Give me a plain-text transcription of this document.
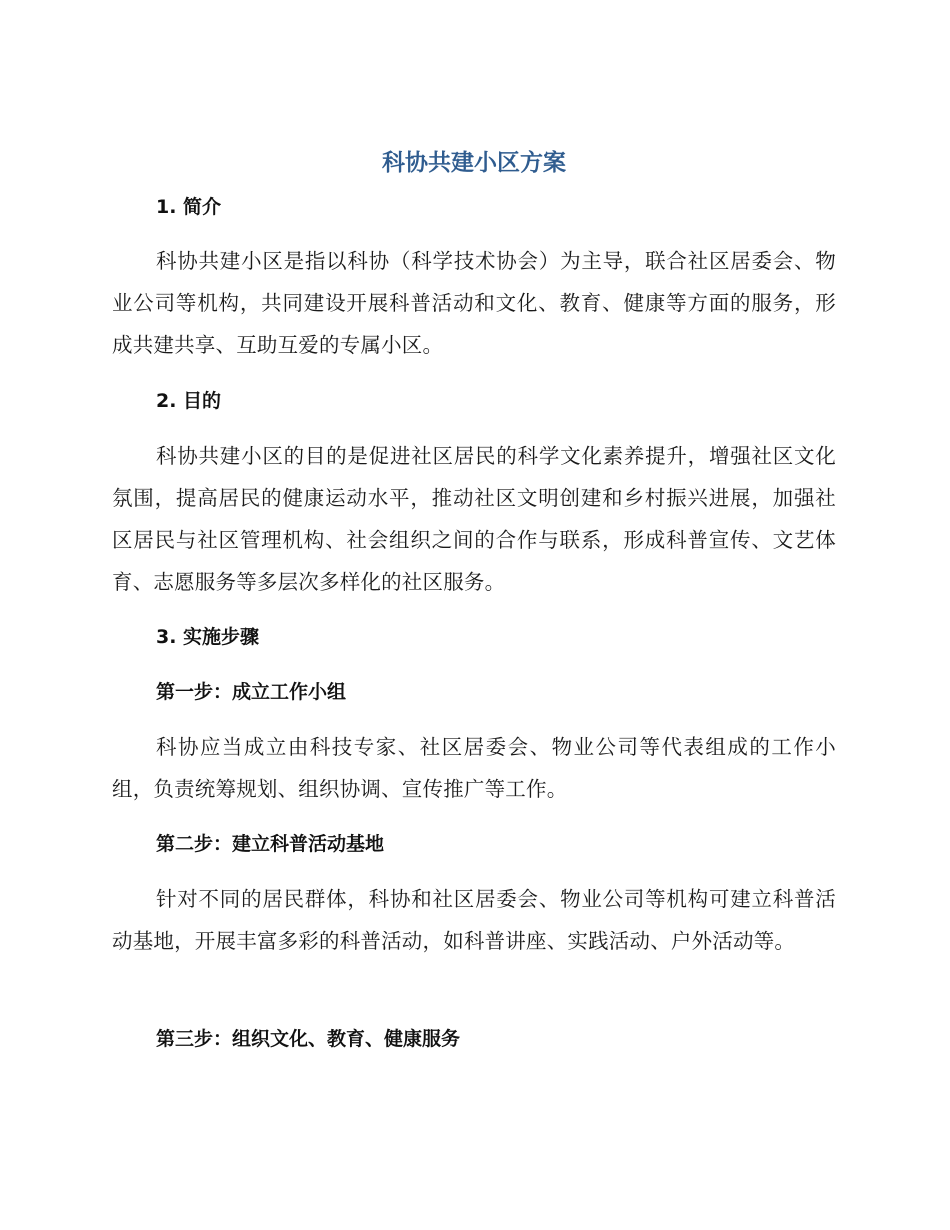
科协共建小区方案
1. 简介

科协共建小区是指以科协（科学技术协会）为主导，联合社区居委会、物业公司等机构，共同建设开展科普活动和文化、教育、健康等方面的服务，形成共建共享、互助互爱的专属小区。

2. 目的

科协共建小区的目的是促进社区居民的科学文化素养提升，增强社区文化氛围，提高居民的健康运动水平，推动社区文明创建和乡村振兴进展，加强社区居民与社区管理机构、社会组织之间的合作与联系，形成科普宣传、文艺体育、志愿服务等多层次多样化的社区服务。

3. 实施步骤
第一步：成立工作小组

科协应当成立由科技专家、社区居委会、物业公司等代表组成的工作小组，负责统筹规划、组织协调、宣传推广等工作。

第二步：建立科普活动基地

针对不同的居民群体，科协和社区居委会、物业公司等机构可建立科普活动基地，开展丰富多彩的科普活动，如科普讲座、实践活动、户外活动等。

第三步：组织文化、教育、健康服务
